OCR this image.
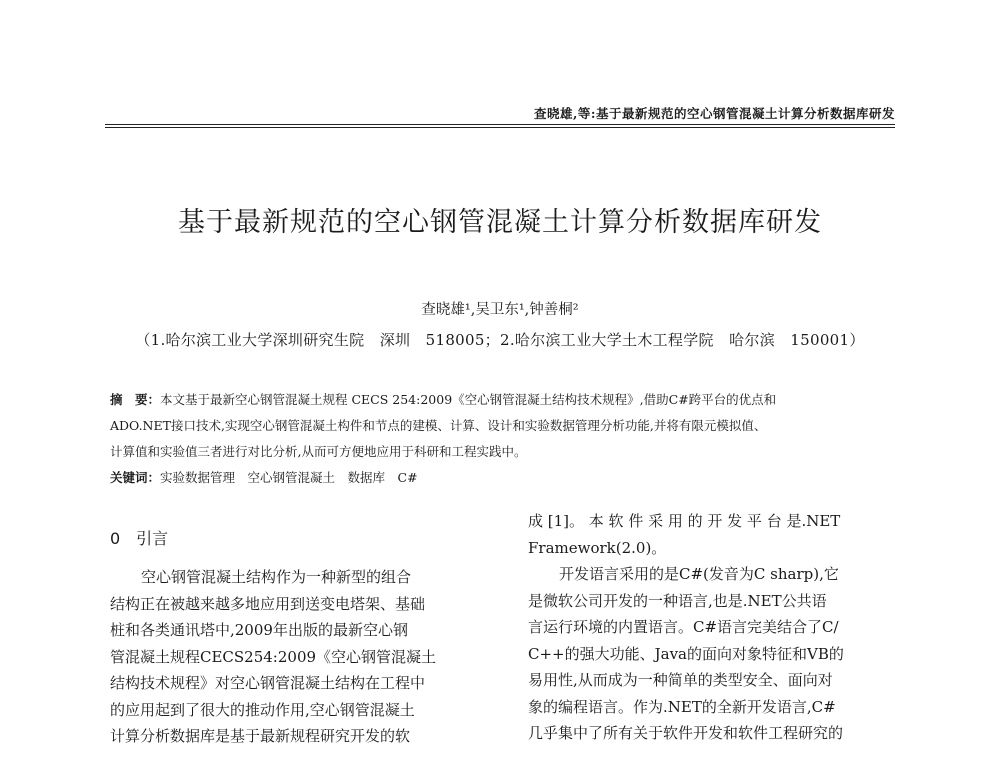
查晓雄,等:基于最新规范的空心钢管混凝土计算分析数据库研发
基于最新规范的空心钢管混凝土计算分析数据库研发
查晓雄¹,吴卫东¹,钟善桐²
（1.哈尔滨工业大学深圳研究生院　深圳　518005；2.哈尔滨工业大学土木工程学院　哈尔滨　150001）
摘　要：本文基于最新空心钢管混凝土规程 CECS 254:2009《空心钢管混凝土结构技术规程》,借助C#跨平台的优点和
ADO.NET接口技术,实现空心钢管混凝土构件和节点的建模、计算、设计和实验数据管理分析功能,并将有限元模拟值、
计算值和实验值三者进行对比分析,从而可方便地应用于科研和工程实践中。
关键词：实验数据管理　空心钢管混凝土　数据库　C#
0　引言

空心钢管混凝土结构作为一种新型的组合

结构正在被越来越多地应用到送变电塔架、基础

桩和各类通讯塔中,2009年出版的最新空心钢

管混凝土规程CECS254:2009《空心钢管混凝土

结构技术规程》对空心钢管混凝土结构在工程中

的应用起到了很大的推动作用,空心钢管混凝土

计算分析数据库是基于最新规程研究开发的软

成 [1]。 本 软 件 采 用 的 开 发 平 台 是.NET

Framework(2.0)。

开发语言采用的是C#(发音为C sharp),它

是微软公司开发的一种语言,也是.NET公共语

言运行环境的内置语言。C#语言完美结合了C/

C++的强大功能、Java的面向对象特征和VB的

易用性,从而成为一种简单的类型安全、面向对

象的编程语言。作为.NET的全新开发语言,C#

几乎集中了所有关于软件开发和软件工程研究的
